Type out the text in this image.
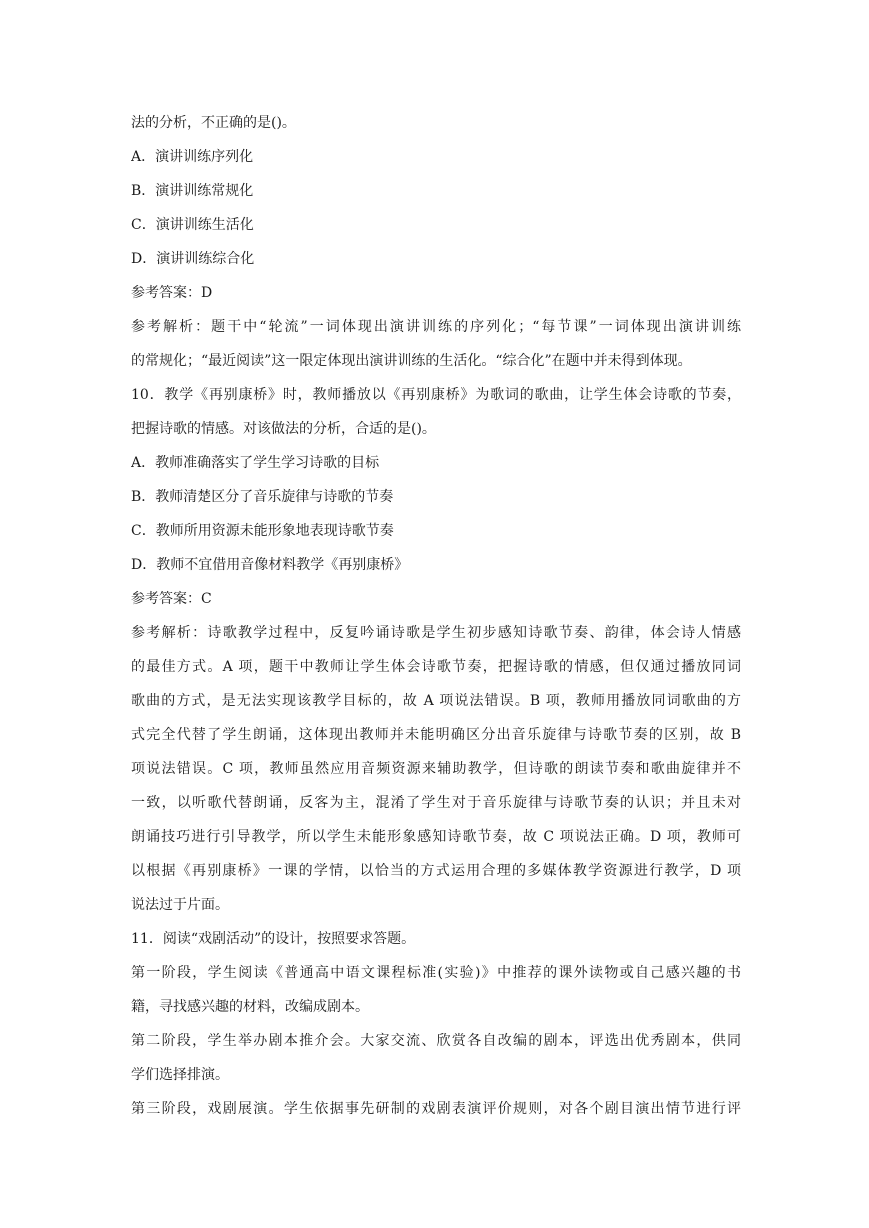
法的分析，不正确的是()。
A．演讲训练序列化
B．演讲训练常规化
C．演讲训练生活化
D．演讲训练综合化
参考答案：D
参考解析：题干中“轮流”一词体现出演讲训练的序列化；“每节课”一词体现出演讲训练
的常规化；“最近阅读”这一限定体现出演讲训练的生活化。“综合化”在题中并未得到体现。
10．教学《再别康桥》时，教师播放以《再别康桥》为歌词的歌曲，让学生体会诗歌的节奏，
把握诗歌的情感。对该做法的分析，合适的是()。
A．教师准确落实了学生学习诗歌的目标
B．教师清楚区分了音乐旋律与诗歌的节奏
C．教师所用资源未能形象地表现诗歌节奏
D．教师不宜借用音像材料教学《再别康桥》
参考答案：C
参考解析：诗歌教学过程中，反复吟诵诗歌是学生初步感知诗歌节奏、韵律，体会诗人情感
的最佳方式。A 项，题干中教师让学生体会诗歌节奏，把握诗歌的情感，但仅通过播放同词
歌曲的方式，是无法实现该教学目标的，故 A 项说法错误。B 项，教师用播放同词歌曲的方
式完全代替了学生朗诵，这体现出教师并未能明确区分出音乐旋律与诗歌节奏的区别，故 B
项说法错误。C 项，教师虽然应用音频资源来辅助教学，但诗歌的朗读节奏和歌曲旋律并不
一致，以听歌代替朗诵，反客为主，混淆了学生对于音乐旋律与诗歌节奏的认识；并且未对
朗诵技巧进行引导教学，所以学生未能形象感知诗歌节奏，故 C 项说法正确。D 项，教师可
以根据《再别康桥》一课的学情，以恰当的方式运用合理的多媒体教学资源进行教学，D 项
说法过于片面。
11．阅读“戏剧活动”的设计，按照要求答题。
第一阶段，学生阅读《普通高中语文课程标准(实验)》中推荐的课外读物或自己感兴趣的书
籍，寻找感兴趣的材料，改编成剧本。
第二阶段，学生举办剧本推介会。大家交流、欣赏各自改编的剧本，评选出优秀剧本，供同
学们选择排演。
第三阶段，戏剧展演。学生依据事先研制的戏剧表演评价规则，对各个剧目演出情节进行评
